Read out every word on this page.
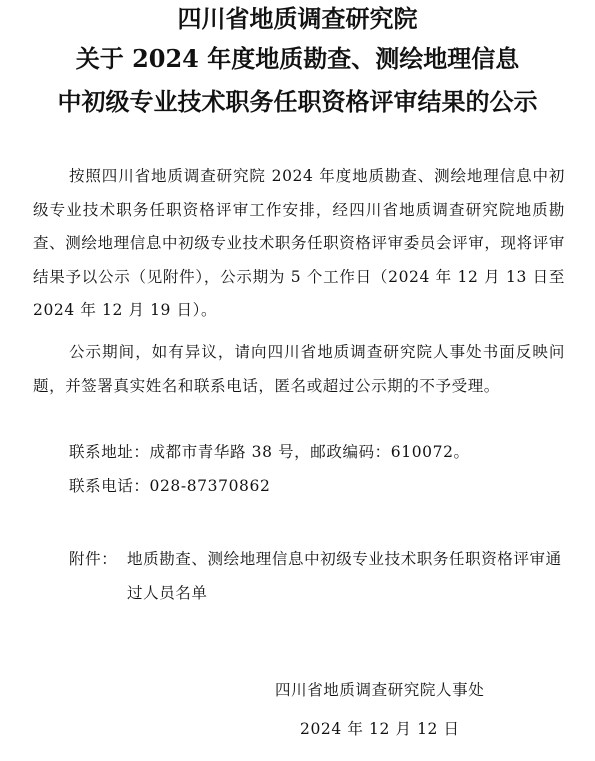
四川省地质调查研究院
关于 2024 年度地质勘查、测绘地理信息
中初级专业技术职务任职资格评审结果的公示
按照四川省地质调查研究院 2024 年度地质勘查、测绘地理信息中初级专业技术职务任职资格评审工作安排，经四川省地质调查研究院地质勘查、测绘地理信息中初级专业技术职务任职资格评审委员会评审，现将评审结果予以公示（见附件），公示期为 5 个工作日（2024 年 12 月 13 日至 2024 年 12 月 19 日）。
公示期间，如有异议，请向四川省地质调查研究院人事处书面反映问题，并签署真实姓名和联系电话，匿名或超过公示期的不予受理。
联系地址：成都市青华路 38 号，邮政编码：610072。
联系电话：028-87370862
附件： 地质勘查、测绘地理信息中初级专业技术职务任职资格评审通过人员名单
四川省地质调查研究院人事处
2024 年 12 月 12 日
